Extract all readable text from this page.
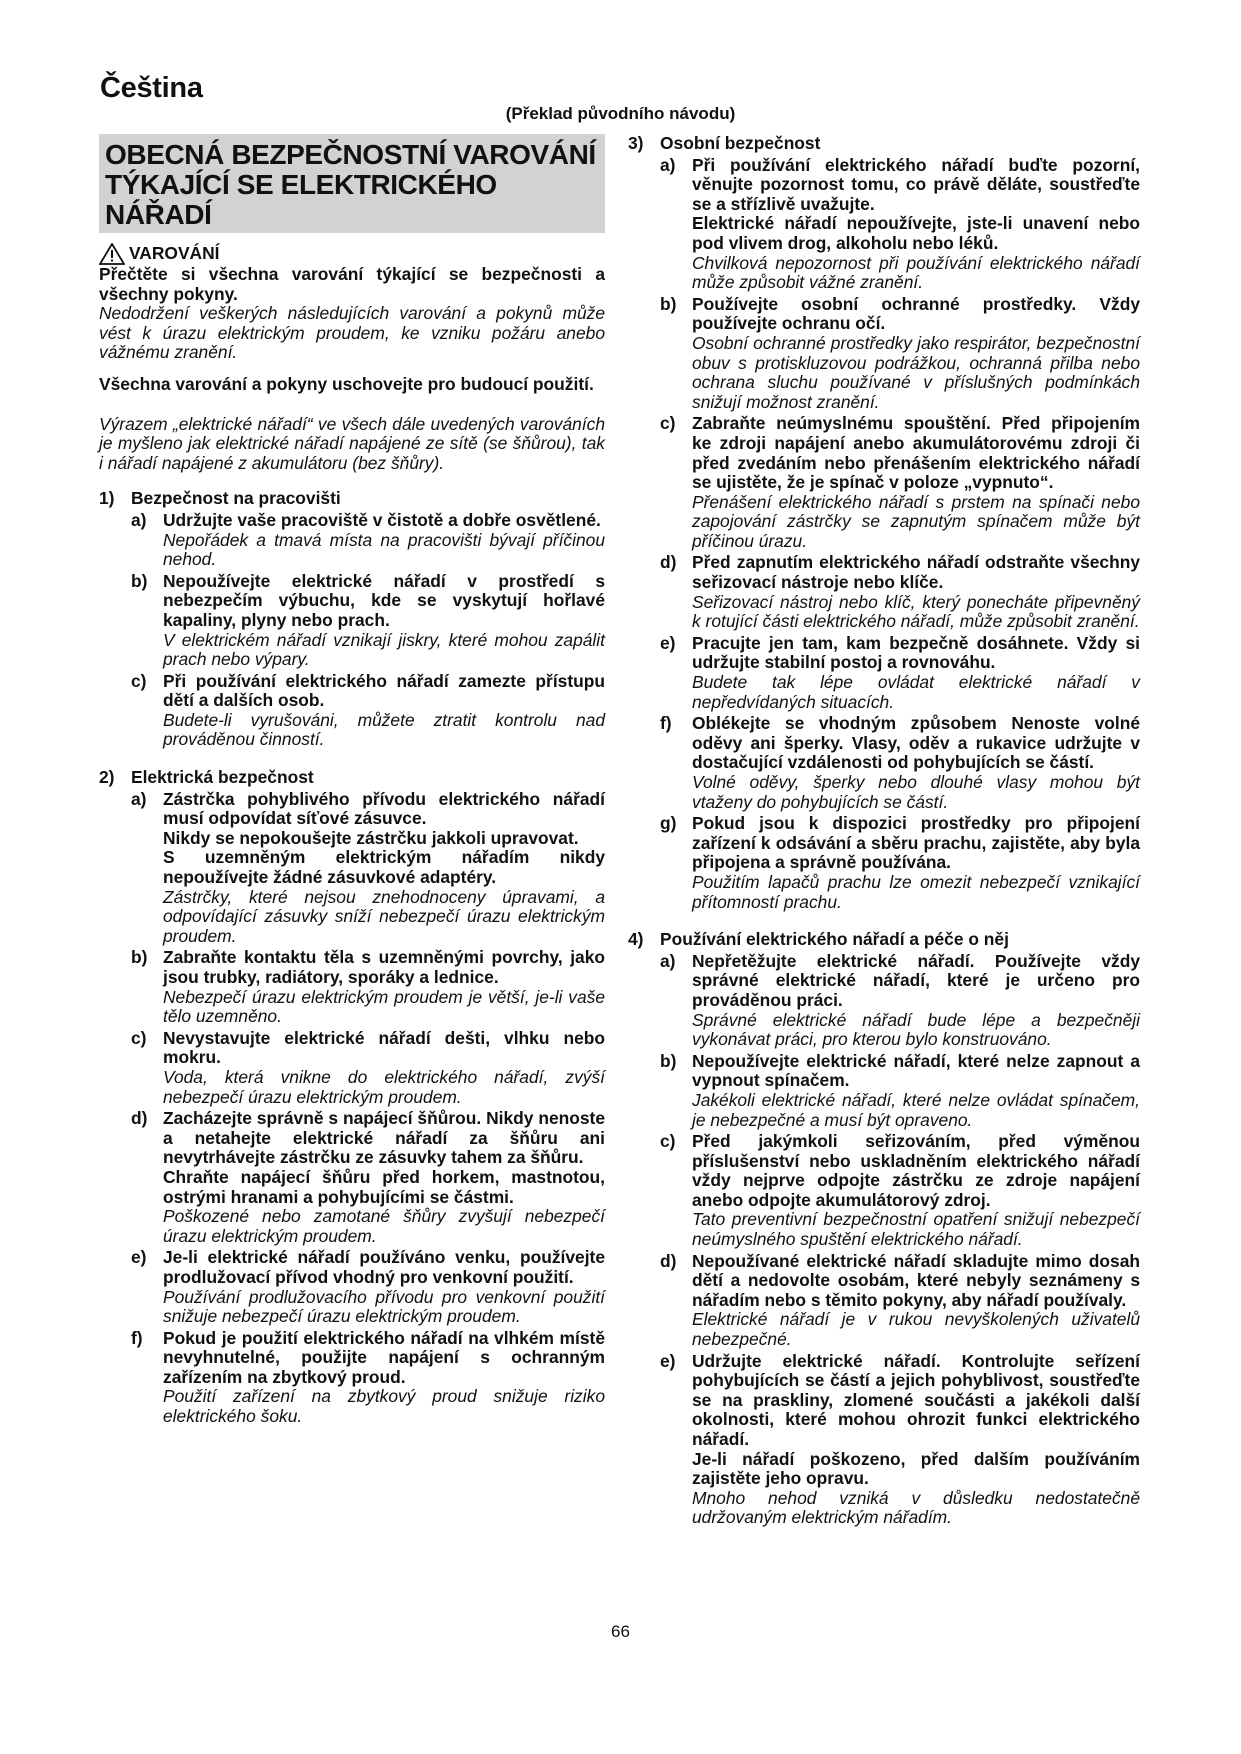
Čeština
(Překlad původního návodu)
OBECNÁ BEZPEČNOSTNÍ VAROVÁNÍ
TÝKAJÍCÍ SE ELEKTRICKÉHO
NÁŘADÍ
VAROVÁNÍ

Přečtěte si všechna varování týkající se bezpečnosti a všechny pokyny.

Nedodržení veškerých následujících varování a pokynů může vést k úrazu elektrickým proudem, ke vzniku požáru anebo vážnému zranění.

Všechna varování a pokyny uschovejte pro budoucí použití.

Výrazem „elektrické nářadí“ ve všech dále uvedených varováních je myšleno jak elektrické nářadí napájené ze sítě (se šňůrou), tak i nářadí napájené z akumulátoru (bez šňůry).

1) Bezpečnost na pracovišti
a) Udržujte vaše pracoviště v čistotě a dobře osvětlené.

Nepořádek a tmavá místa na pracovišti bývají příčinou nehod.

b) Nepoužívejte elektrické nářadí v prostředí s nebezpečím výbuchu, kde se vyskytují hořlavé kapaliny, plyny nebo prach.

V elektrickém nářadí vznikají jiskry, které mohou zapálit prach nebo výpary.

c) Při používání elektrického nářadí zamezte přístupu dětí a dalších osob.

Budete-li vyrušováni, můžete ztratit kontrolu nad prováděnou činností.

2) Elektrická bezpečnost
a) Zástrčka pohyblivého přívodu elektrického nářadí musí odpovídat síťové zásuvce.

Nikdy se nepokoušejte zástrčku jakkoli upravovat.

S uzemněným elektrickým nářadím nikdy nepoužívejte žádné zásuvkové adaptéry.

Zástrčky, které nejsou znehodnoceny úpravami, a odpovídající zásuvky sníží nebezpečí úrazu elektrickým proudem.

b) Zabraňte kontaktu těla s uzemněnými povrchy, jako jsou trubky, radiátory, sporáky a lednice.

Nebezpečí úrazu elektrickým proudem je větší, je-li vaše tělo uzemněno.

c) Nevystavujte elektrické nářadí dešti, vlhku nebo mokru.

Voda, která vnikne do elektrického nářadí, zvýší nebezpečí úrazu elektrickým proudem.

d) Zacházejte správně s napájecí šňůrou. Nikdy nenoste a netahejte elektrické nářadí za šňůru ani nevytrhávejte zástrčku ze zásuvky tahem za šňůru.

Chraňte napájecí šňůru před horkem, mastnotou, ostrými hranami a pohybujícími se částmi.

Poškozené nebo zamotané šňůry zvyšují nebezpečí úrazu elektrickým proudem.

e) Je-li elektrické nářadí používáno venku, používejte prodlužovací přívod vhodný pro venkovní použití.

Používání prodlužovacího přívodu pro venkovní použití snižuje nebezpečí úrazu elektrickým proudem.

f)	Pokud je použití elektrického nářadí na vlhkém místě nevyhnutelné, použijte napájení s ochranným zařízením na zbytkový proud.

Použití zařízení na zbytkový proud snižuje riziko elektrického šoku.

3) Osobní bezpečnost
a) Při používání elektrického nářadí buďte pozorní, věnujte pozornost tomu, co právě děláte, soustřeďte se a střízlivě uvažujte.

Elektrické nářadí nepoužívejte, jste-li unavení nebo pod vlivem drog, alkoholu nebo léků.

Chvilková nepozornost při používání elektrického nářadí může způsobit vážné zranění.

b) Používejte osobní ochranné prostředky. Vždy používejte ochranu očí.

Osobní ochranné prostředky jako respirátor, bezpečnostní obuv s protiskluzovou podrážkou, ochranná přilba nebo ochrana sluchu používané v příslušných podmínkách snižují možnost zranění.

c) Zabraňte neúmyslnému spouštění. Před připojením ke zdroji napájení anebo akumulátorovému zdroji či před zvedáním nebo přenášením elektrického nářadí se ujistěte, že je spínač v poloze „vypnuto“.

Přenášení elektrického nářadí s prstem na spínači nebo zapojování zástrčky se zapnutým spínačem může být příčinou úrazu.

d) Před zapnutím elektrického nářadí odstraňte všechny seřizovací nástroje nebo klíče.

Seřizovací nástroj nebo klíč, který ponecháte připevněný k rotující části elektrického nářadí, může způsobit zranění.

e) Pracujte jen tam, kam bezpečně dosáhnete. Vždy si udržujte stabilní postoj a rovnováhu.

Budete tak lépe ovládat elektrické nářadí v nepředvídaných situacích.

f)	Oblékejte se vhodným způsobem Nenoste volné oděvy ani šperky. Vlasy, oděv a rukavice udržujte v dostačující vzdálenosti od pohybujících se částí.

Volné oděvy, šperky nebo dlouhé vlasy mohou být vtaženy do pohybujících se částí.

g) Pokud jsou k dispozici prostředky pro připojení zařízení k odsávání a sběru prachu, zajistěte, aby byla připojena a správně používána.

Použitím lapačů prachu lze omezit nebezpečí vznikající přítomností prachu.

4) Používání elektrického nářadí a péče o něj
a) Nepřetěžujte elektrické nářadí. Používejte vždy správné elektrické nářadí, které je určeno pro prováděnou práci.

Správné elektrické nářadí bude lépe a bezpečněji vykonávat práci, pro kterou bylo konstruováno.

b) Nepoužívejte elektrické nářadí, které nelze zapnout a vypnout spínačem.

Jakékoli elektrické nářadí, které nelze ovládat spínačem, je nebezpečné a musí být opraveno.

c) Před jakýmkoli seřizováním, před výměnou příslušenství nebo uskladněním elektrického nářadí vždy nejprve odpojte zástrčku ze zdroje napájení anebo odpojte akumulátorový zdroj.

Tato preventivní bezpečnostní opatření snižují nebezpečí neúmyslného spuštění elektrického nářadí.

d) Nepoužívané elektrické nářadí skladujte mimo dosah dětí a nedovolte osobám, které nebyly seznámeny s nářadím nebo s těmito pokyny, aby nářadí používaly.

Elektrické nářadí je v rukou nevyškolených uživatelů nebezpečné.

e) Udržujte elektrické nářadí. Kontrolujte seřízení pohybujících se částí a jejich pohyblivost, soustřeďte se na praskliny, zlomené součásti a jakékoli další okolnosti, které mohou ohrozit funkci elektrického nářadí.

Je-li nářadí poškozeno, před dalším používáním zajistěte jeho opravu.

Mnoho nehod vzniká v důsledku nedostatečně udržovaným elektrickým nářadím.

66
